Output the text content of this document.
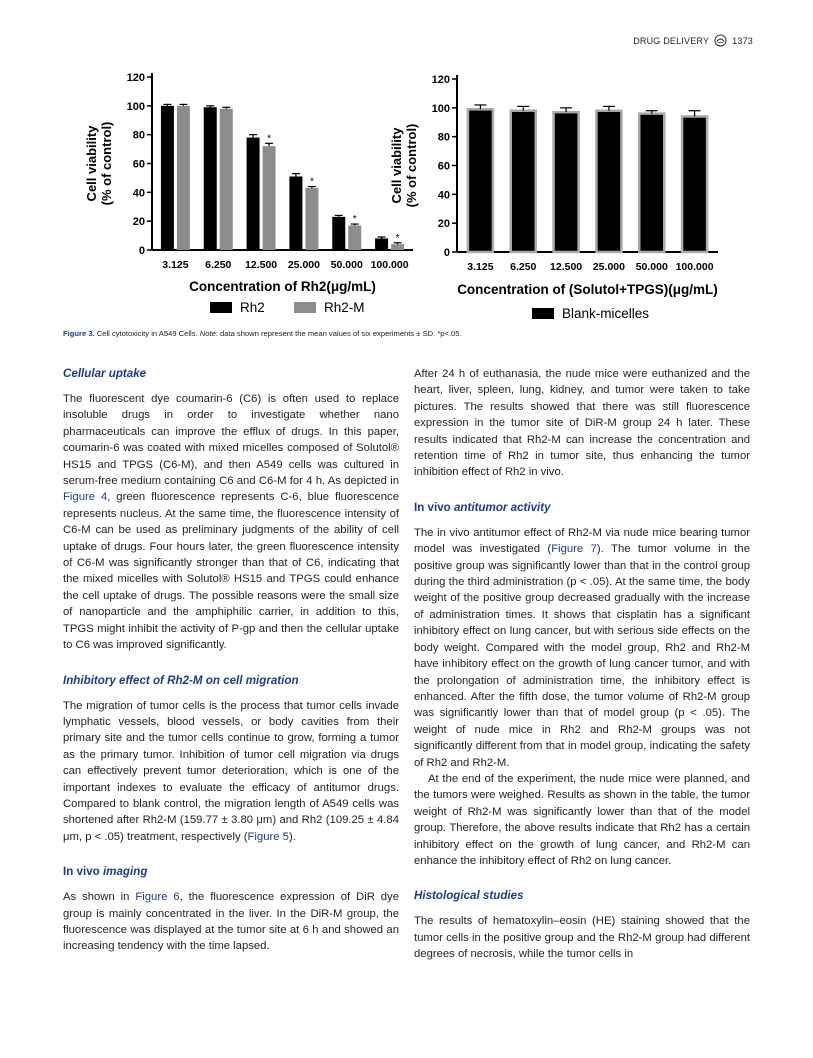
DRUG DELIVERY	1373
0
20
40
60
80
100
120
Cell viability(% of control)
3.125 6.250
*
12.500
*
25.000
*
50.000
*
100.000
Concentration of Rh2(μg/mL)
Rh2	Rh2-M
0
20
40
60
80
100
120
Cell viability(% of control)
3.125 6.250 12.500 25.000 50.000 100.000
Concentration of (Solutol+TPGS)(μg/mL)
Blank-micelles
Figure 3. Cell cytotoxicity in A549 Cells. Note: data shown represent the mean values of six experiments ± SD. *p<.05.
Cellular uptake

The fluorescent dye coumarin-6 (C6) is often used to replace insoluble drugs in order to investigate whether nano pharmaceuticals can improve the efflux of drugs. In this paper, coumarin-6 was coated with mixed micelles composed of Solutol® HS15 and TPGS (C6-M), and then A549 cells was cultured in serum-free medium containing C6 and C6-M for 4 h. As depicted in Figure 4, green fluorescence represents C-6, blue fluorescence represents nucleus. At the same time, the fluorescence intensity of C6-M can be used as preliminary judgments of the ability of cell uptake of drugs. Four hours later, the green fluorescence intensity of C6-M was significantly stronger than that of C6, indicating that the mixed micelles with Solutol® HS15 and TPGS could enhance the cell uptake of drugs. The possible reasons were the small size of nanoparticle and the amphiphilic carrier, in addition to this, TPGS might inhibit the activity of P-gp and then the cellular uptake to C6 was improved significantly.

Inhibitory effect of Rh2-M on cell migration

The migration of tumor cells is the process that tumor cells invade lymphatic vessels, blood vessels, or body cavities from their primary site and the tumor cells continue to grow, forming a tumor as the primary tumor. Inhibition of tumor cell migration via drugs can effectively prevent tumor deterioration, which is one of the important indexes to evaluate the efficacy of antitumor drugs. Compared to blank control, the migration length of A549 cells was shortened after Rh2-M (159.77 ± 3.80 μm) and Rh2 (109.25 ± 4.84 μm, p < .05) treatment, respectively (Figure 5).

In vivo imaging

As shown in Figure 6, the fluorescence expression of DiR dye group is mainly concentrated in the liver. In the DiR-M group, the fluorescence was displayed at the tumor site at 6 h and showed an increasing tendency with the time lapsed.

After 24 h of euthanasia, the nude mice were euthanized and the heart, liver, spleen, lung, kidney, and tumor were taken to take pictures. The results showed that there was still fluorescence expression in the tumor site of DiR-M group 24 h later. These results indicated that Rh2-M can increase the concentration and retention time of Rh2 in tumor site, thus enhancing the tumor inhibition effect of Rh2 in vivo.

In vivo antitumor activity

The in vivo antitumor effect of Rh2-M via nude mice bearing tumor model was investigated (Figure 7). The tumor volume in the positive group was significantly lower than that in the control group during the third administration (p < .05). At the same time, the body weight of the positive group decreased gradually with the increase of administration times. It shows that cisplatin has a significant inhibitory effect on lung cancer, but with serious side effects on the body weight. Compared with the model group, Rh2 and Rh2-M have inhibitory effect on the growth of lung cancer tumor, and with the prolongation of administration time, the inhibitory effect is enhanced. After the fifth dose, the tumor volume of Rh2-M group was significantly lower than that of model group (p < .05). The weight of nude mice in Rh2 and Rh2-M groups was not significantly different from that in model group, indicating the safety of Rh2 and Rh2-M.

At the end of the experiment, the nude mice were planned, and the tumors were weighed. Results as shown in the table, the tumor weight of Rh2-M was significantly lower than that of the model group. Therefore, the above results indicate that Rh2 has a certain inhibitory effect on the growth of lung cancer, and Rh2-M can enhance the inhibitory effect of Rh2 on lung cancer.

Histological studies

The results of hematoxylin–eosin (HE) staining showed that the tumor cells in the positive group and the Rh2-M group had different degrees of necrosis, while the tumor cells in
